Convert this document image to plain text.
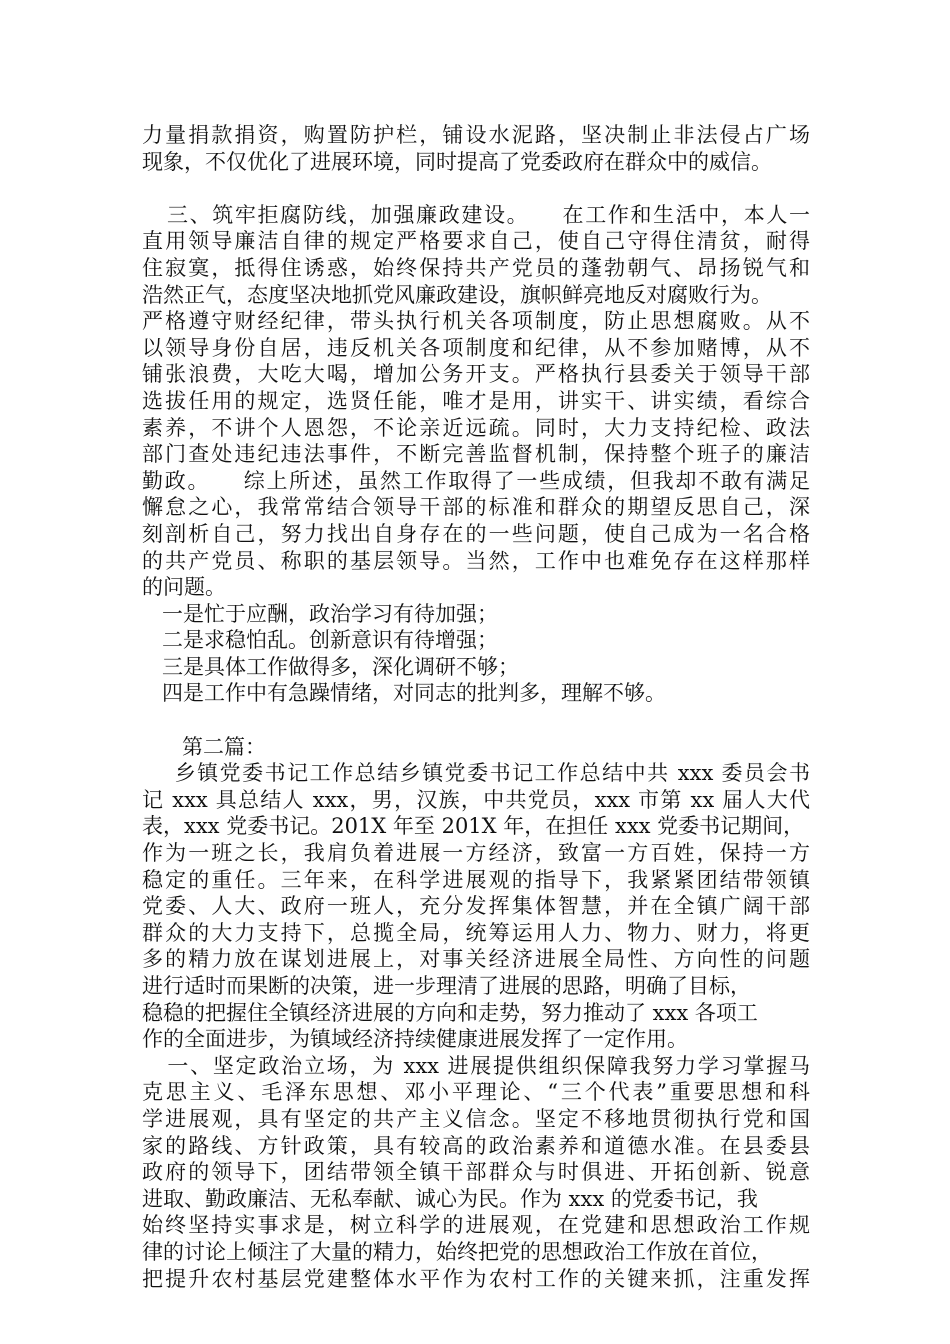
力量捐款捐资，购置防护栏，铺设水泥路，坚决制止非法侵占广场
现象，不仅优化了进展环境，同时提高了党委政府在群众中的威信。
三、筑牢拒腐防线，加强廉政建设。    在工作和生活中，本人一
直用领导廉洁自律的规定严格要求自己，使自己守得住清贫，耐得
住寂寞，抵得住诱惑，始终保持共产党员的蓬勃朝气、昂扬锐气和
浩然正气，态度坚决地抓党风廉政建设，旗帜鲜亮地反对腐败行为。
严格遵守财经纪律，带头执行机关各项制度，防止思想腐败。从不
以领导身份自居，违反机关各项制度和纪律，从不参加赌博，从不
铺张浪费，大吃大喝，增加公务开支。严格执行县委关于领导干部
选拔任用的规定，选贤任能，唯才是用，讲实干、讲实绩，看综合
素养，不讲个人恩怨，不论亲近远疏。同时，大力支持纪检、政法
部门查处违纪违法事件，不断完善监督机制，保持整个班子的廉洁
勤政。    综上所述，虽然工作取得了一些成绩，但我却不敢有满足
懈怠之心，我常常结合领导干部的标准和群众的期望反思自己，深
刻剖析自己，努力找出自身存在的一些问题，使自己成为一名合格
的共产党员、称职的基层领导。当然，工作中也难免存在这样那样
的问题。
一是忙于应酬，政治学习有待加强；
二是求稳怕乱。创新意识有待增强；
三是具体工作做得多，深化调研不够；
四是工作中有急躁情绪，对同志的批判多，理解不够。
第二篇：
乡镇党委书记工作总结乡镇党委书记工作总结中共 xxx 委员会书
记 xxx 具总结人 xxx，男，汉族，中共党员，xxx 市第 xx 届人大代
表，xxx 党委书记。201X 年至 201X 年，在担任 xxx 党委书记期间，
作为一班之长，我肩负着进展一方经济，致富一方百姓，保持一方
稳定的重任。三年来，在科学进展观的指导下，我紧紧团结带领镇
党委、人大、政府一班人，充分发挥集体智慧，并在全镇广阔干部
群众的大力支持下，总揽全局，统筹运用人力、物力、财力，将更
多的精力放在谋划进展上，对事关经济进展全局性、方向性的问题
进行适时而果断的决策，进一步理清了进展的思路，明确了目标，
稳稳的把握住全镇经济进展的方向和走势，努力推动了 xxx 各项工
作的全面进步，为镇域经济持续健康进展发挥了一定作用。
一、坚定政治立场，为 xxx 进展提供组织保障我努力学习掌握马
克思主义、毛泽东思想、邓小平理论、“三个代表”重要思想和科
学进展观，具有坚定的共产主义信念。坚定不移地贯彻执行党和国
家的路线、方针政策，具有较高的政治素养和道德水准。在县委县
政府的领导下，团结带领全镇干部群众与时俱进、开拓创新、锐意
进取、勤政廉洁、无私奉献、诚心为民。作为 xxx 的党委书记，我
始终坚持实事求是，树立科学的进展观，在党建和思想政治工作规
律的讨论上倾注了大量的精力，始终把党的思想政治工作放在首位，
把提升农村基层党建整体水平作为农村工作的关键来抓，注重发挥
